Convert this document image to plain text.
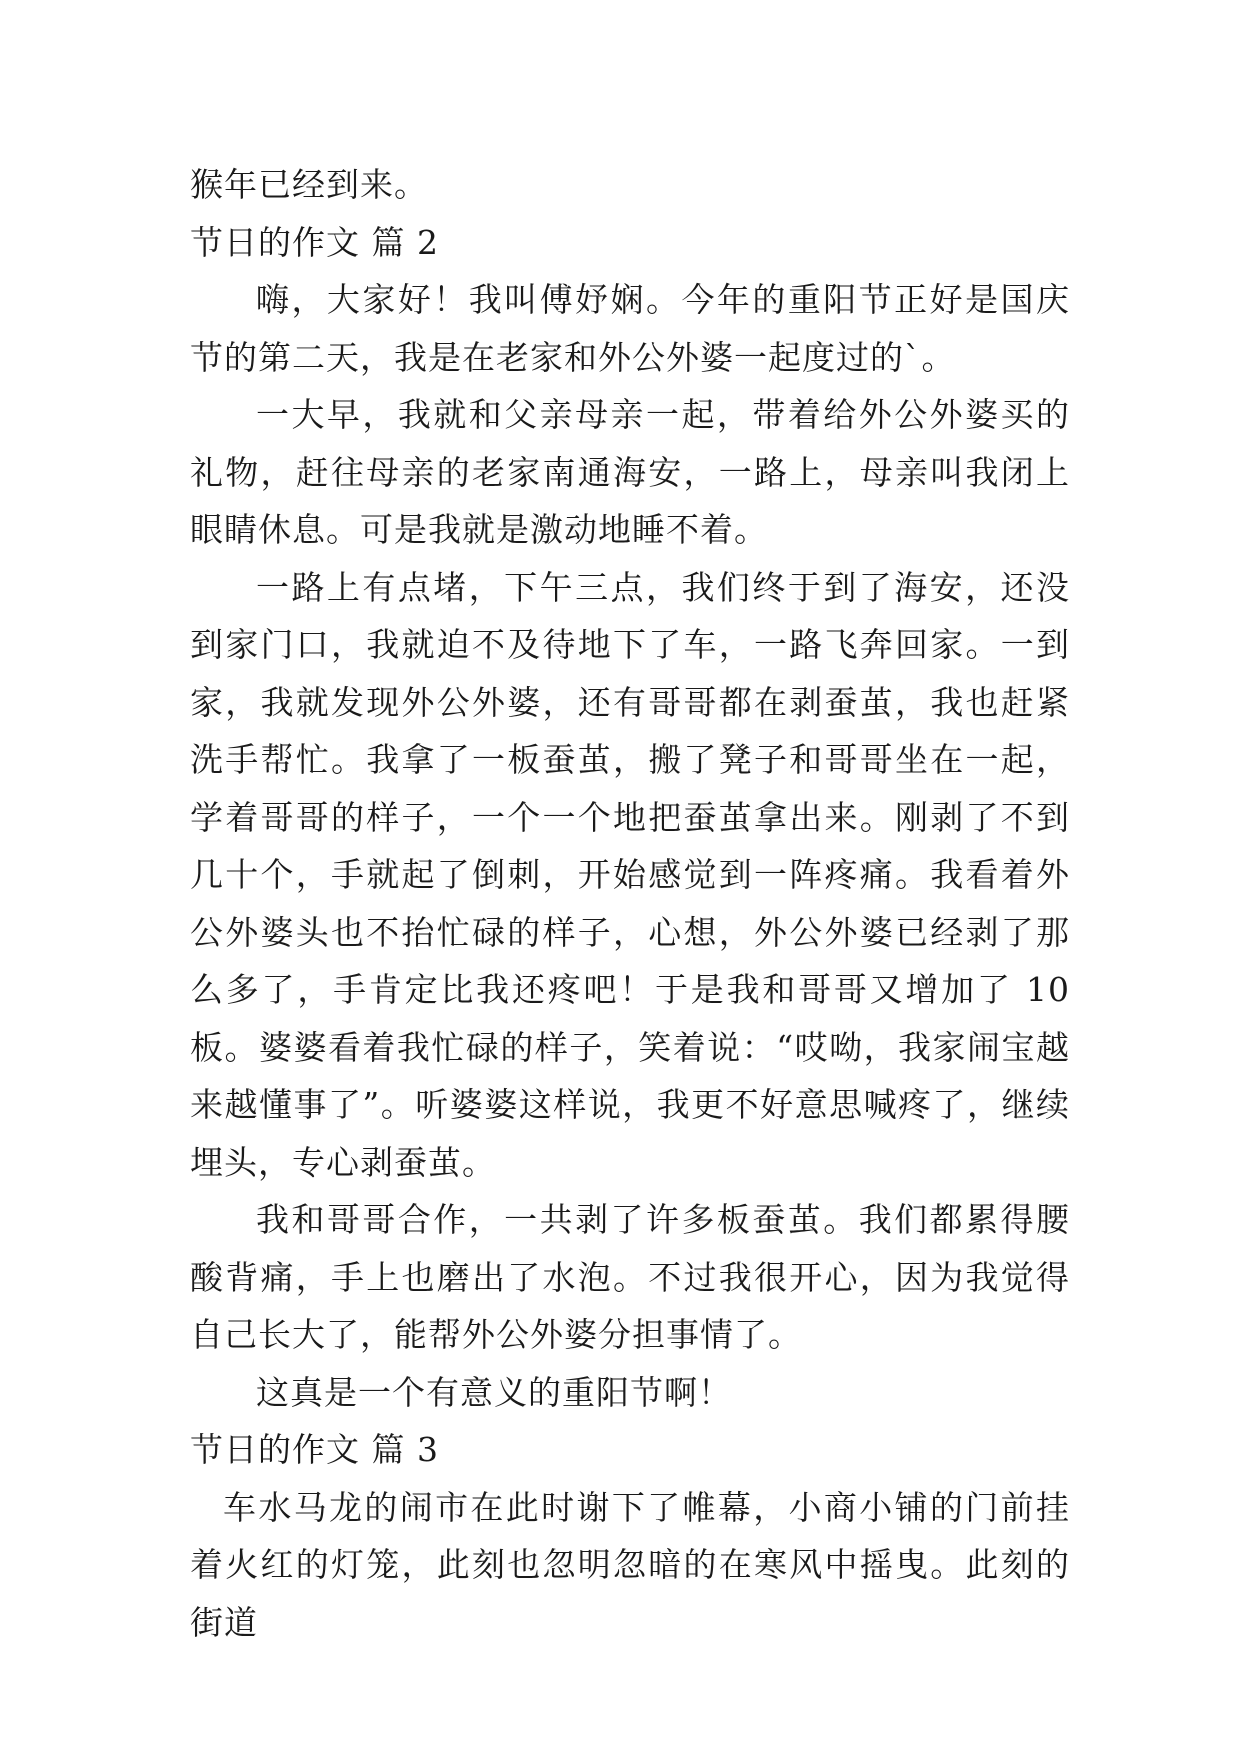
猴年已经到来。

节日的作文 篇 2

嗨，大家好！我叫傅妤娴。今年的重阳节正好是国庆节的第二天，我是在老家和外公外婆一起度过的`。

一大早，我就和父亲母亲一起，带着给外公外婆买的礼物，赶往母亲的老家南通海安，一路上，母亲叫我闭上眼睛休息。可是我就是激动地睡不着。

一路上有点堵，下午三点，我们终于到了海安，还没到家门口，我就迫不及待地下了车，一路飞奔回家。一到家，我就发现外公外婆，还有哥哥都在剥蚕茧，我也赶紧洗手帮忙。我拿了一板蚕茧，搬了凳子和哥哥坐在一起，学着哥哥的样子，一个一个地把蚕茧拿出来。刚剥了不到几十个，手就起了倒刺，开始感觉到一阵疼痛。我看着外公外婆头也不抬忙碌的样子，心想，外公外婆已经剥了那么多了，手肯定比我还疼吧！于是我和哥哥又增加了 10 板。婆婆看着我忙碌的样子，笑着说：“哎呦，我家闹宝越来越懂事了”。听婆婆这样说，我更不好意思喊疼了，继续埋头，专心剥蚕茧。

我和哥哥合作，一共剥了许多板蚕茧。我们都累得腰酸背痛，手上也磨出了水泡。不过我很开心，因为我觉得自己长大了，能帮外公外婆分担事情了。

这真是一个有意义的重阳节啊！

节日的作文 篇 3

车水马龙的闹市在此时谢下了帷幕，小商小铺的门前挂着火红的灯笼，此刻也忽明忽暗的在寒风中摇曳。此刻的街道
